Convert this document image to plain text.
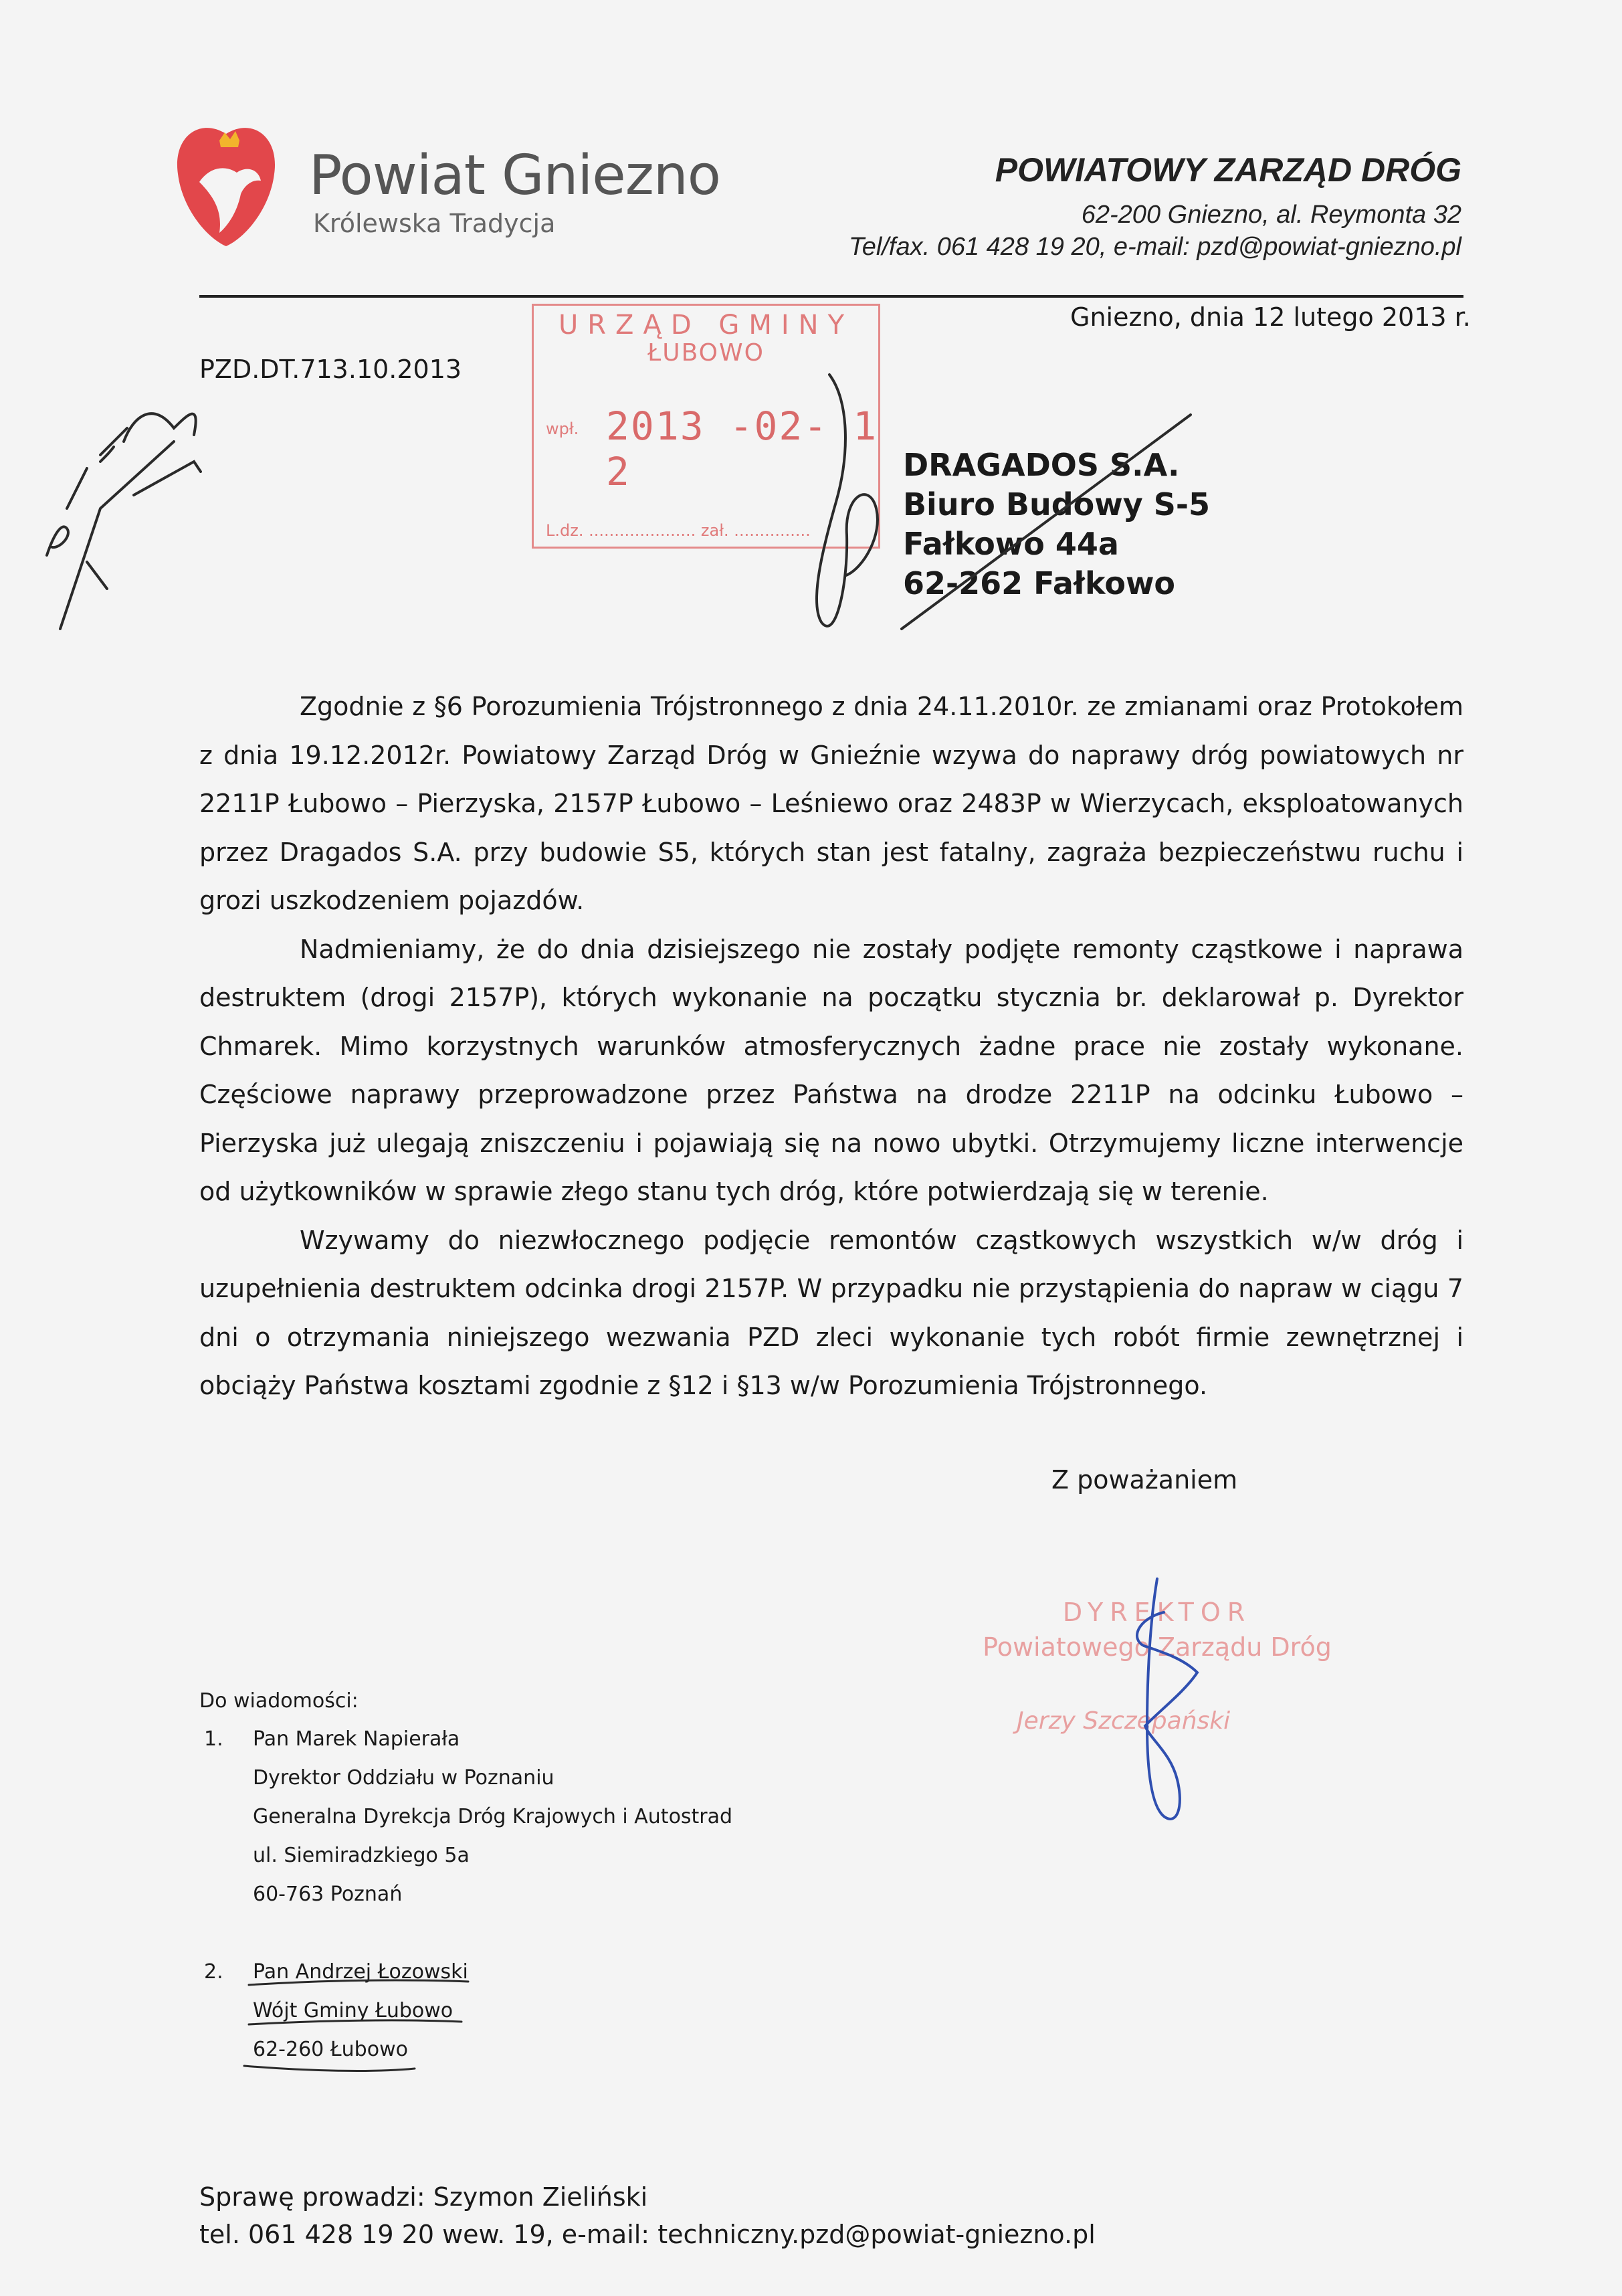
Powiat Gniezno
Królewska Tradycja
POWIATOWY ZARZĄD DRÓG
62-200 Gniezno, al. Reymonta 32
Tel/fax. 061 428 19 20, e-mail: pzd@powiat-gniezno.pl
PZD.DT.713.10.2013
Gniezno, dnia 12 lutego 2013 r.
URZĄD GMINY
ŁUBOWO
wpł. 2013 -02- 1 2
L.dz. ..................... zał. ...............
DRAGADOS S.A.
Biuro Budowy S-5
Fałkowo 44a
62-262 Fałkowo

Zgodnie z §6 Porozumienia Trójstronnego z dnia 24.11.2010r. ze zmianami oraz Protokołem z dnia 19.12.2012r. Powiatowy Zarząd Dróg w Gnieźnie wzywa do naprawy dróg powiatowych nr 2211P Łubowo – Pierzyska, 2157P Łubowo – Leśniewo oraz 2483P w Wierzycach, eksploatowanych przez Dragados S.A. przy budowie S5, których stan jest fatalny, zagraża bezpieczeństwu ruchu i grozi uszkodzeniem pojazdów.

Nadmieniamy, że do dnia dzisiejszego nie zostały podjęte remonty cząstkowe i naprawa destruktem (drogi 2157P), których wykonanie na początku stycznia br. deklarował p. Dyrektor Chmarek. Mimo korzystnych warunków atmosferycznych żadne prace nie zostały wykonane. Częściowe naprawy przeprowadzone przez Państwa na drodze 2211P na odcinku Łubowo – Pierzyska już ulegają zniszczeniu i pojawiają się na nowo ubytki. Otrzymujemy liczne interwencje od użytkowników w sprawie złego stanu tych dróg, które potwierdzają się w terenie.

Wzywamy do niezwłocznego podjęcie remontów cząstkowych wszystkich w/w dróg i uzupełnienia destruktem odcinka drogi 2157P. W przypadku nie przystąpienia do napraw w ciągu 7 dni o otrzymania niniejszego wezwania PZD zleci wykonanie tych robót firmie zewnętrznej i obciąży Państwa kosztami zgodnie z §12 i §13 w/w Porozumienia Trójstronnego.

Z poważaniem
DYREKTOR
Powiatowego Zarządu Dróg
Jerzy Szczepański
Do wiadomości:
1. Pan Marek Napierała
Dyrektor Oddziału w Poznaniu
Generalna Dyrekcja Dróg Krajowych i Autostrad
ul. Siemiradzkiego 5a
60-763 Poznań
2. Pan Andrzej Łozowski
Wójt Gminy Łubowo
62-260 Łubowo
Sprawę prowadzi: Szymon Zieliński
tel. 061 428 19 20 wew. 19, e-mail: techniczny.pzd@powiat-gniezno.pl
